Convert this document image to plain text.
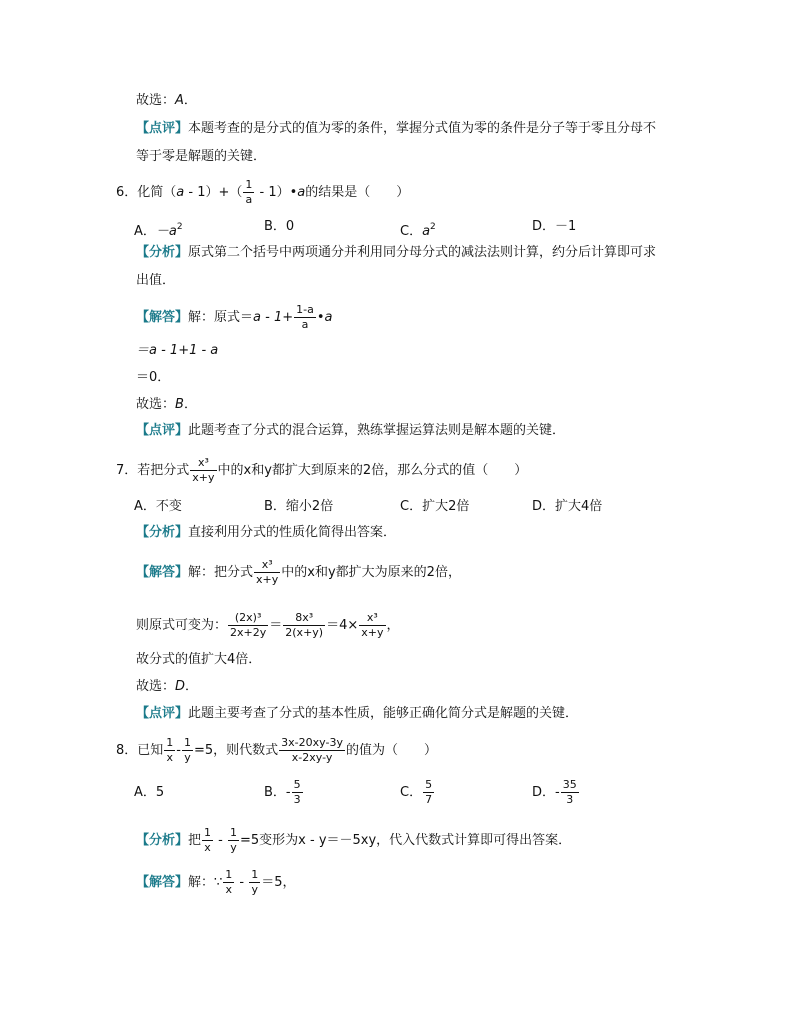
故选：A．
【点评】本题考查的是分式的值为零的条件，掌握分式值为零的条件是分子等于零且分母不
等于零是解题的关键．
6．化简$(a - 1)+( \frac{1}{a}$ - 1）•a的结果是（　　）
A．$-a^2$	B．0	C．$a^2$	D．－1
【分析】原式第二个括号中两项通分并利用同分母分式的减法法则计算，约分后计算即可求
出值．
【解答】解：原式$=a - 1+ \frac{1-a}{a}$ •a
＝a - 1+1 - a
＝0．
故选：B．
【点评】此题考查了分式的混合运算，熟练掌握运算法则是解本题的关键．
7．若把分式 $\frac{\text{x³}}{x+y}$ 中的x和y都扩大到原来的2倍，那么分式的值（　　）
A．不变	B．缩小2倍	C．扩大2倍	D．扩大4倍
【分析】直接利用分式的性质化简得出答案．
【解答】解：把分式 $\frac{\text{x³}}{x+y}$ 中的x和y都扩大为原来的2倍，
则原式可变为： $\frac{\text{(2x)³}}{2x+2y} = \frac{\text{8x³}}{2(x+y)} =4\times \frac{\text{x³}}{x+y}$ ，
故分式的值扩大4倍．
故选：D．
【点评】此题主要考查了分式的基本性质，能够正确化简分式是解题的关键．
8．已知 $\frac{1}{x} - \frac{1}{y} =5$，则代数式 $\frac{3x-20xy-3y}{x-2xy-y}$ 的值为（　　）
A．5	B．- $\frac{5}{3}$	C． $\frac{5}{7}$	D．- $\frac{35}{3}$
【分析】把 $\frac{1}{x} - \frac{1}{y} =5$变形为x - y＝－5xy，代入代数式计算即可得出答案．
【解答】解：∵ $\frac{1}{x} - \frac{1}{y} =5$，
